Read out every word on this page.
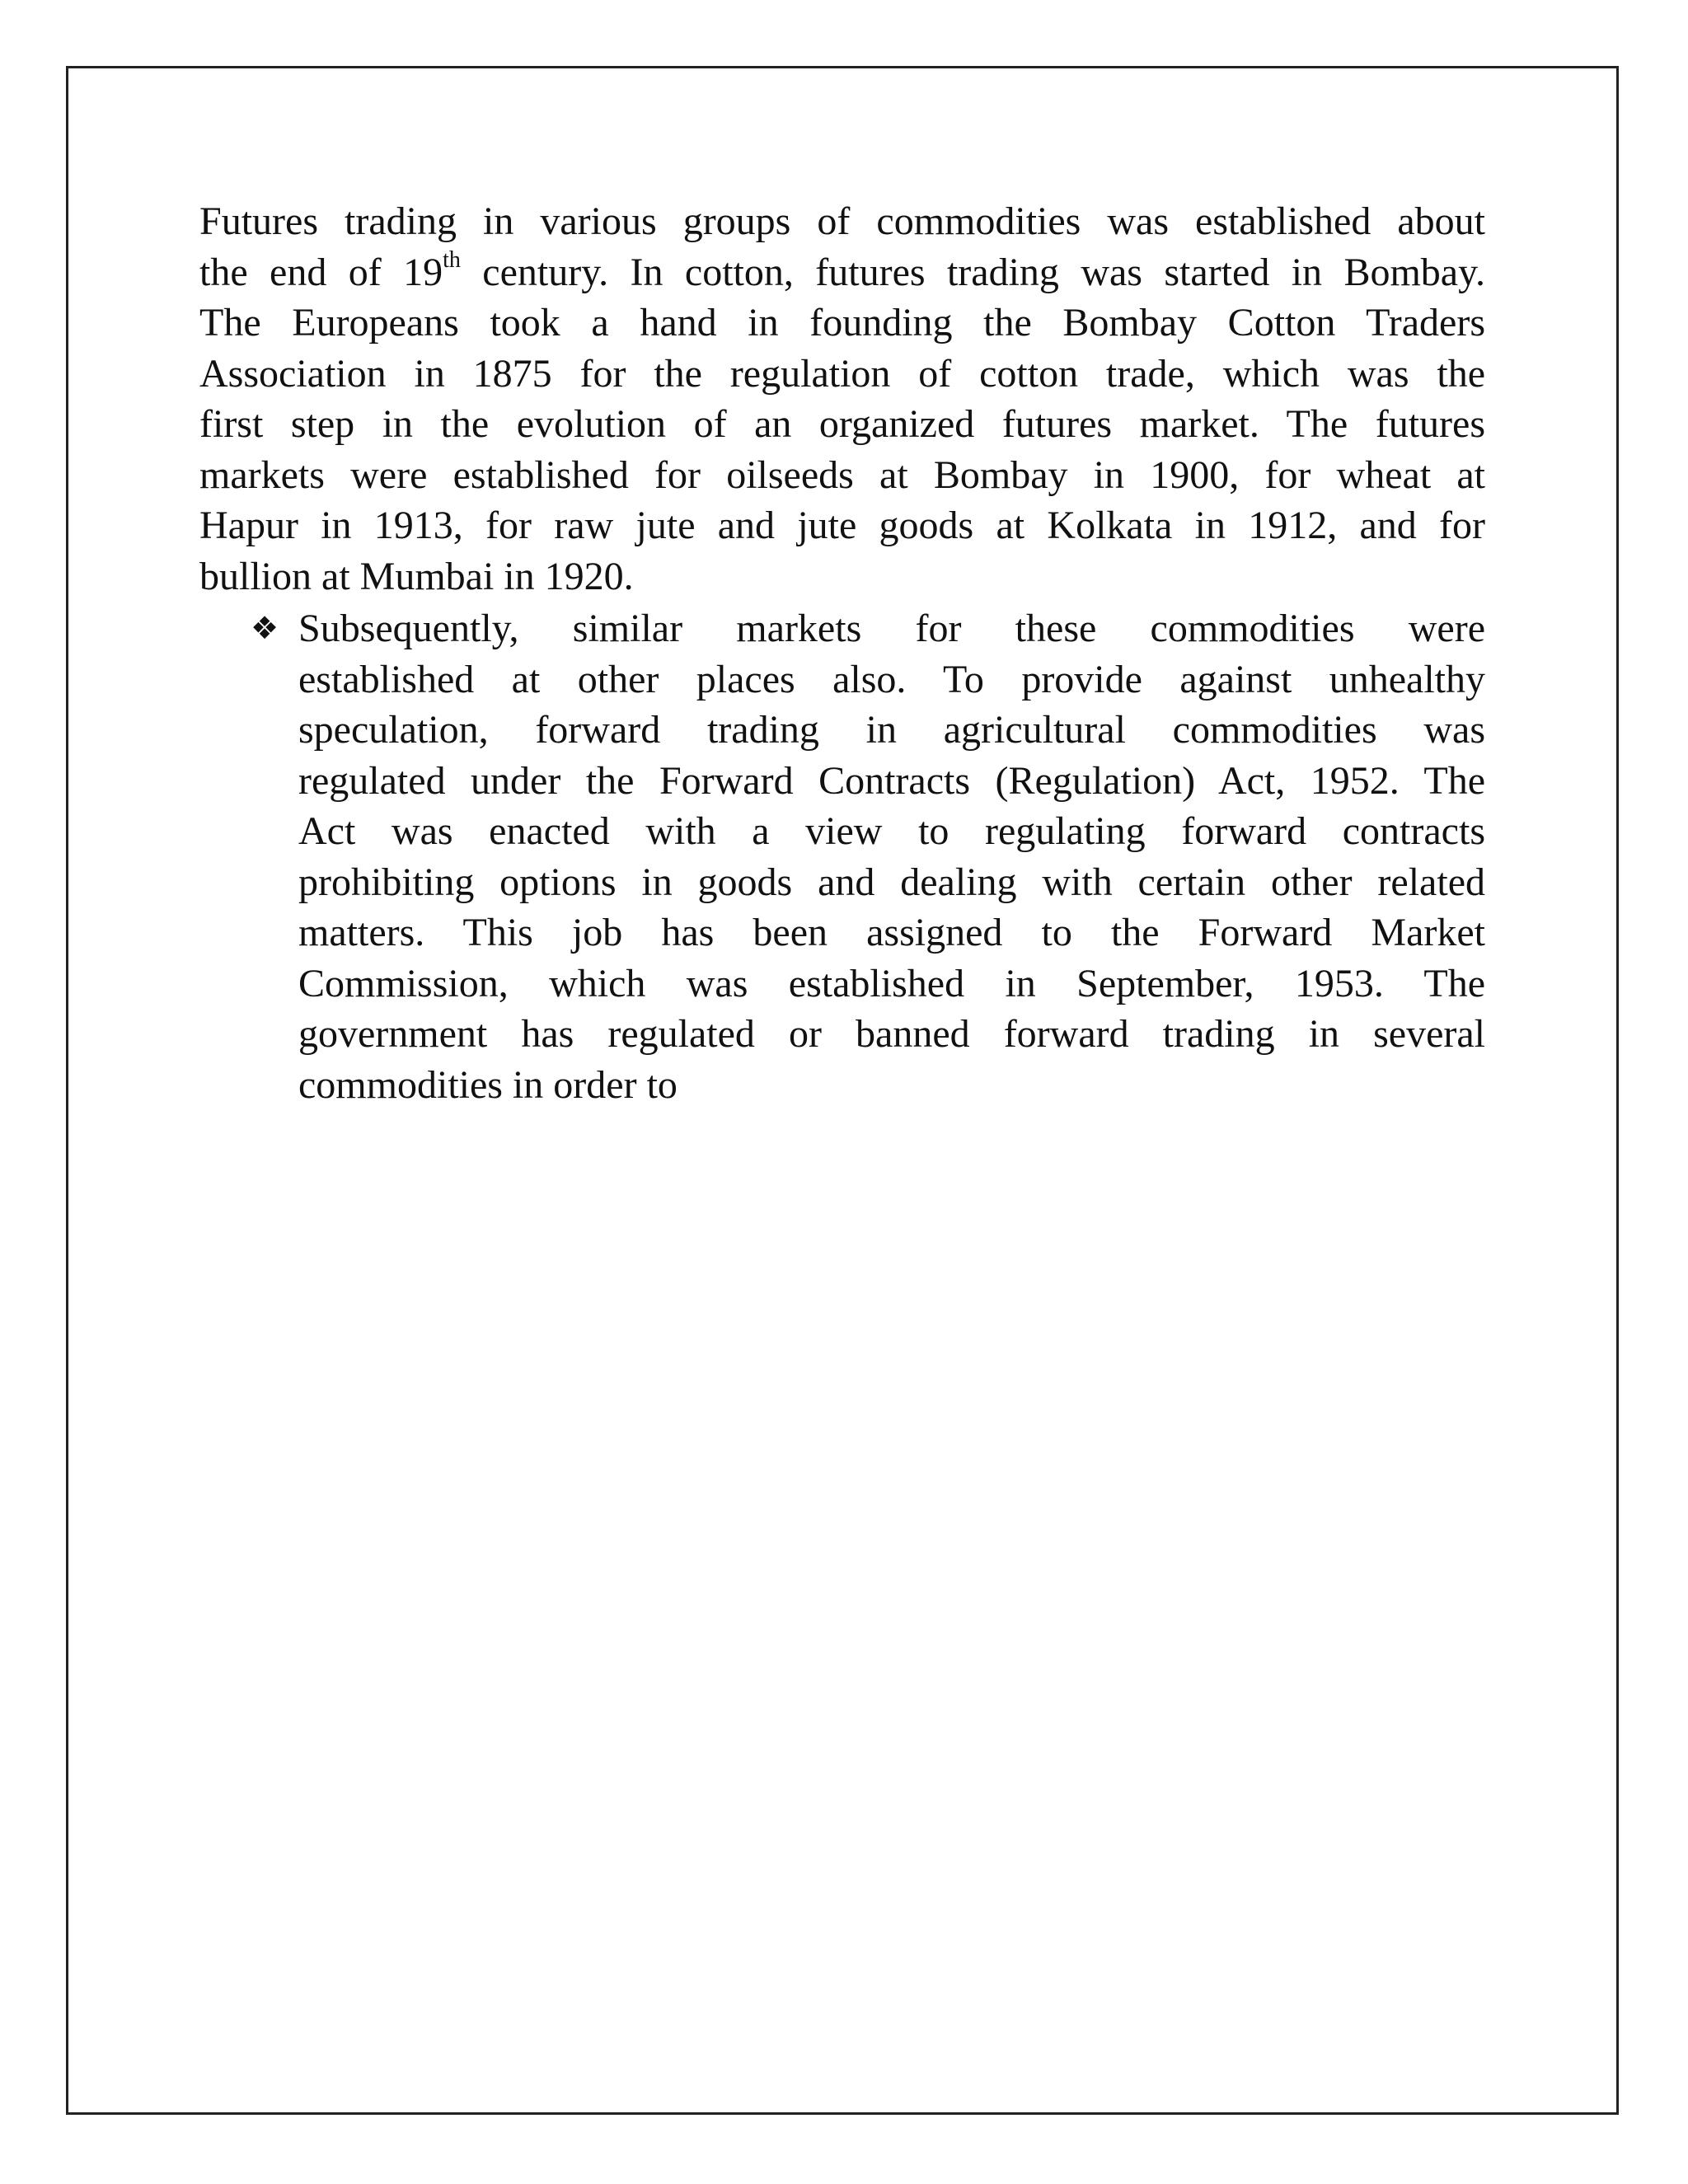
Futures trading in various groups of commodities was established about
the end of 19th century. In cotton, futures trading was started in Bombay.
The Europeans took a hand in founding the Bombay Cotton Traders
Association in 1875 for the regulation of cotton trade, which was the
first step in the evolution of an organized futures market. The futures
markets were established for oilseeds at Bombay in 1900, for wheat at
Hapur in 1913, for raw jute and jute goods at Kolkata in 1912, and for
bullion at Mumbai in 1920.

❖ Subsequently, similar markets for these commodities were
established at other places also. To provide against unhealthy
speculation, forward trading in agricultural commodities was
regulated under the Forward Contracts (Regulation) Act, 1952. The
Act was enacted with a view to regulating forward contracts
prohibiting options in goods and dealing with certain other related
matters. This job has been assigned to the Forward Market
Commission, which was established in September, 1953. The
government has regulated or banned forward trading in several
commodities in order to
